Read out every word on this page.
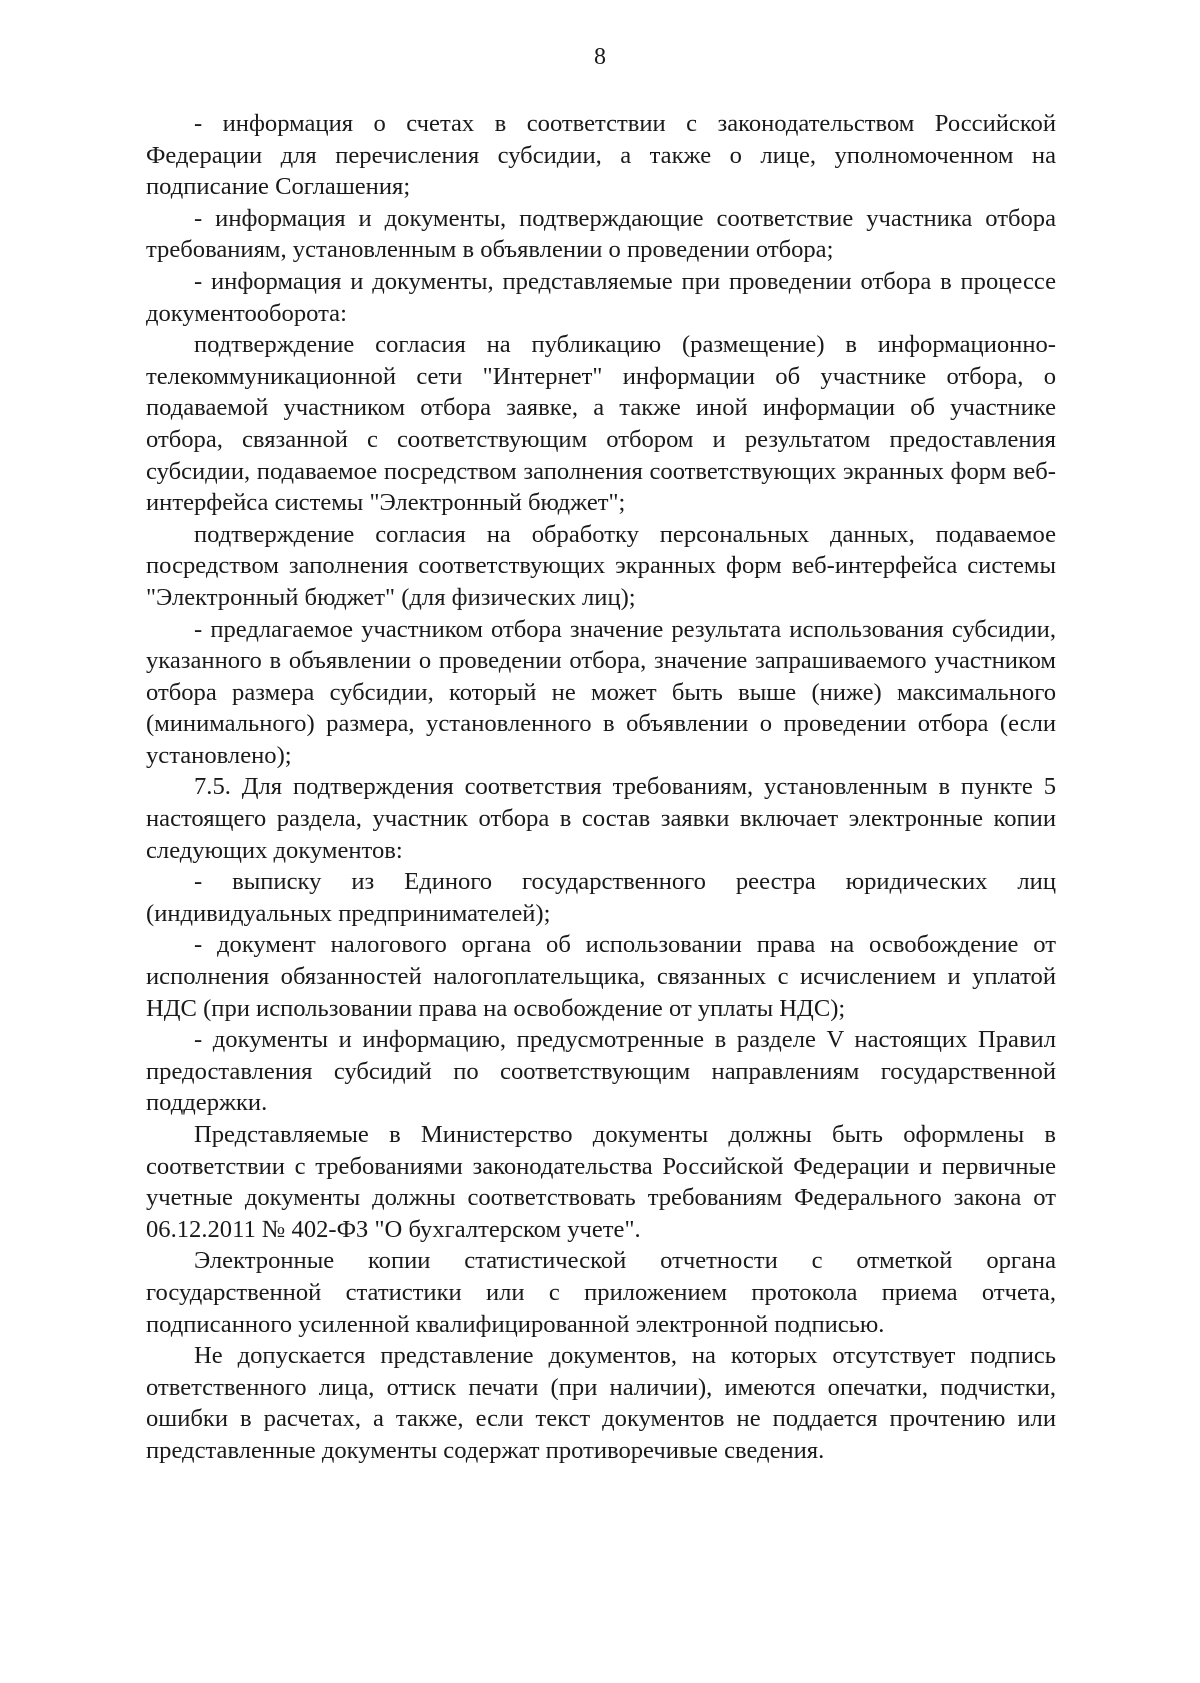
8

- информация о счетах в соответствии с законодательством Российской Федерации для перечисления субсидии, а также о лице, уполномоченном на подписание Соглашения;

- информация и документы, подтверждающие соответствие участника отбора требованиям, установленным в объявлении о проведении отбора;

- информация и документы, представляемые при проведении отбора в процессе документооборота:

подтверждение согласия на публикацию (размещение) в информационно-телекоммуникационной сети "Интернет" информации об участнике отбора, о подаваемой участником отбора заявке, а также иной информации об участнике отбора, связанной с соответствующим отбором и результатом предоставления субсидии, подаваемое посредством заполнения соответствующих экранных форм веб-интерфейса системы "Электронный бюджет";

подтверждение согласия на обработку персональных данных, подаваемое посредством заполнения соответствующих экранных форм веб-интерфейса системы "Электронный бюджет" (для физических лиц);

- предлагаемое участником отбора значение результата использования субсидии, указанного в объявлении о проведении отбора, значение запрашиваемого участником отбора размера субсидии, который не может быть выше (ниже) максимального (минимального) размера, установленного в объявлении о проведении отбора (если установлено);

7.5. Для подтверждения соответствия требованиям, установленным в пункте 5 настоящего раздела, участник отбора в состав заявки включает электронные копии следующих документов:

- выписку из Единого государственного реестра юридических лиц (индивидуальных предпринимателей);

- документ налогового органа об использовании права на освобождение от исполнения обязанностей налогоплательщика, связанных с исчислением и уплатой НДС (при использовании права на освобождение от уплаты НДС);

- документы и информацию, предусмотренные в разделе V настоящих Правил предоставления субсидий по соответствующим направлениям государственной поддержки.

Представляемые в Министерство документы должны быть оформлены в соответствии с требованиями законодательства Российской Федерации и первичные учетные документы должны соответствовать требованиям Федерального закона от 06.12.2011 № 402-ФЗ "О бухгалтерском учете".

Электронные копии статистической отчетности с отметкой органа государственной статистики или с приложением протокола приема отчета, подписанного усиленной квалифицированной электронной подписью.

Не допускается представление документов, на которых отсутствует подпись ответственного лица, оттиск печати (при наличии), имеются опечатки, подчистки, ошибки в расчетах, а также, если текст документов не поддается прочтению или представленные документы содержат противоречивые сведения.
